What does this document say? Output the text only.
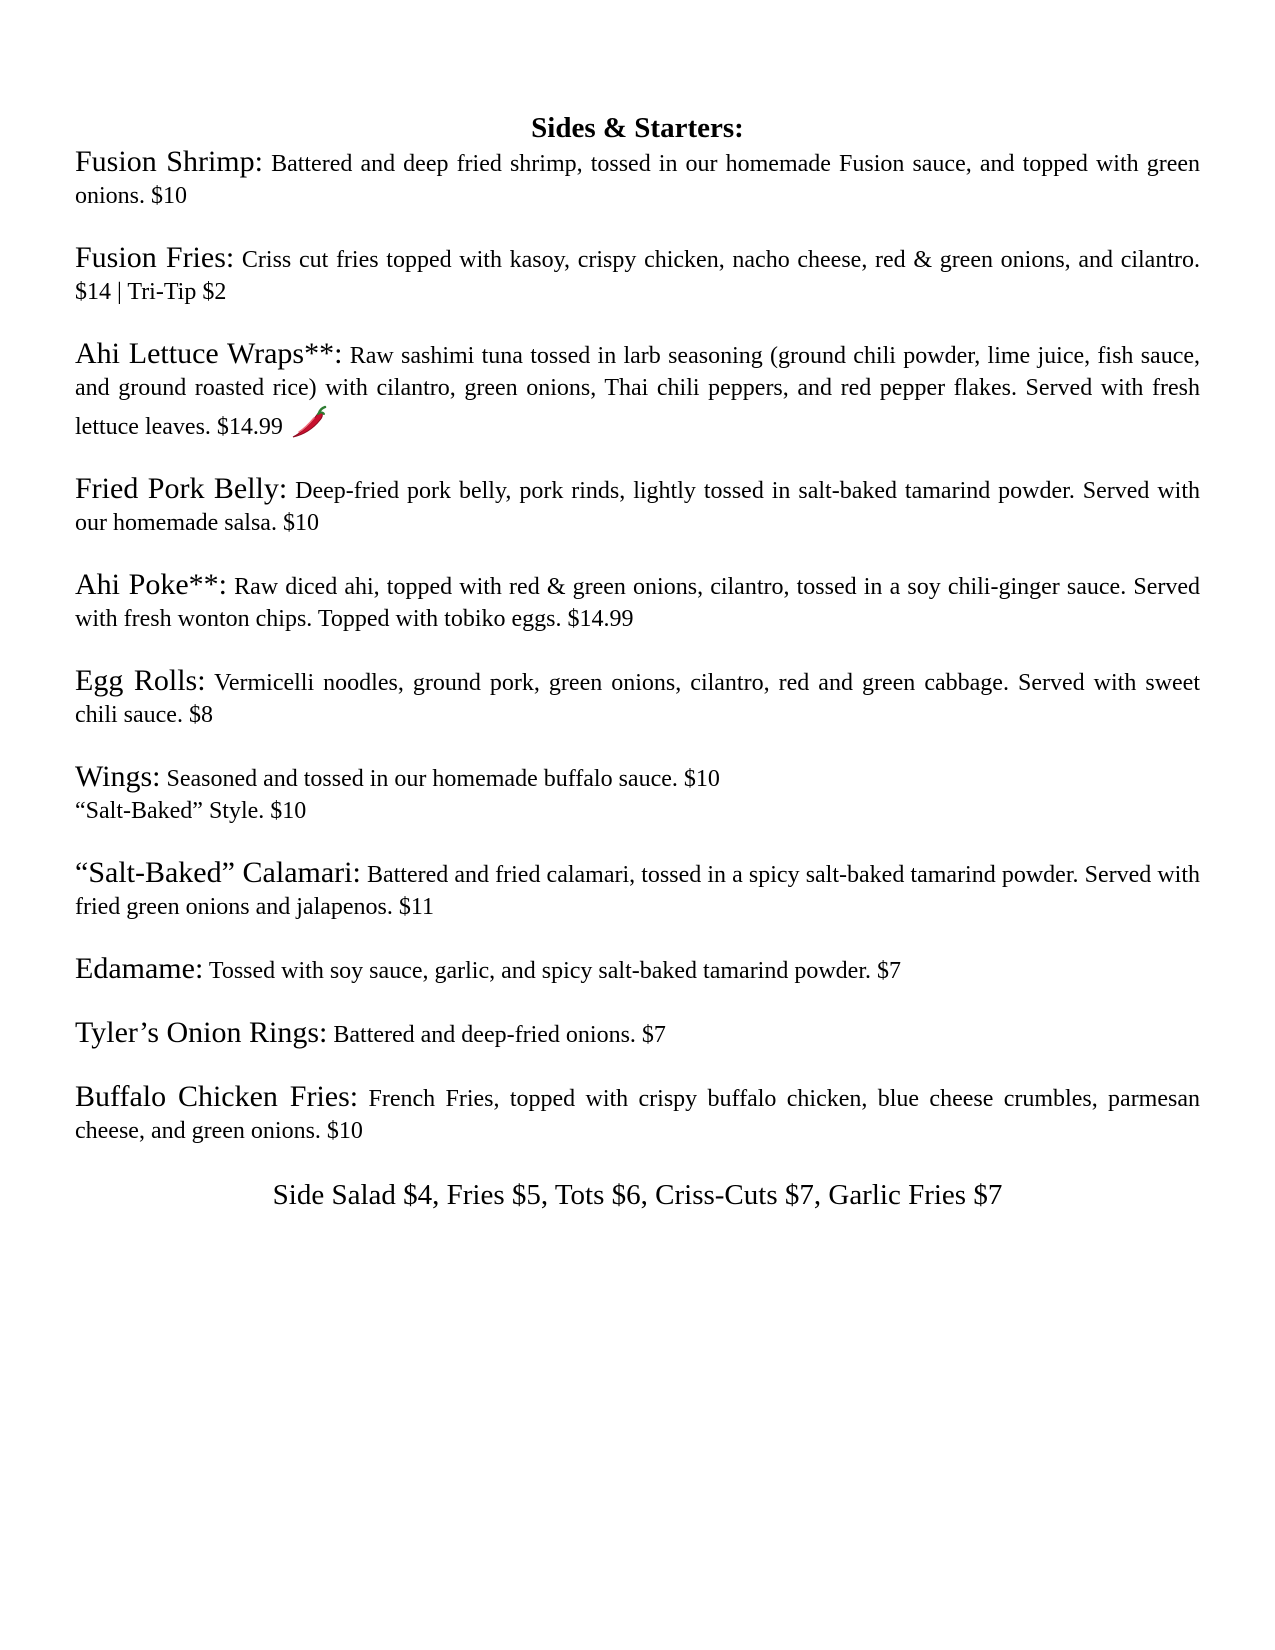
Sides & Starters:

Fusion Shrimp: Battered and deep fried shrimp, tossed in our homemade Fusion sauce, and topped with green onions. $10

Fusion Fries: Criss cut fries topped with kasoy, crispy chicken, nacho cheese, red & green onions, and cilantro. $14 | Tri-Tip $2

Ahi Lettuce Wraps**: Raw sashimi tuna tossed in larb seasoning (ground chili powder, lime juice, fish sauce, and ground roasted rice) with cilantro, green onions, Thai chili peppers, and red pepper flakes. Served with fresh lettuce leaves. $14.99

Fried Pork Belly: Deep-fried pork belly, pork rinds, lightly tossed in salt-baked tamarind powder. Served with our homemade salsa. $10

Ahi Poke**: Raw diced ahi, topped with red & green onions, cilantro, tossed in a soy chili-ginger sauce. Served with fresh wonton chips. Topped with tobiko eggs. $14.99

Egg Rolls: Vermicelli noodles, ground pork, green onions, cilantro, red and green cabbage. Served with sweet chili sauce. $8

Wings: Seasoned and tossed in our homemade buffalo sauce. $10
“Salt-Baked” Style. $10

“Salt-Baked” Calamari: Battered and fried calamari, tossed in a spicy salt-baked tamarind powder. Served with fried green onions and jalapenos. $11

Edamame: Tossed with soy sauce, garlic, and spicy salt-baked tamarind powder. $7

Tyler’s Onion Rings: Battered and deep-fried onions. $7

Buffalo Chicken Fries: French Fries, topped with crispy buffalo chicken, blue cheese crumbles, parmesan cheese, and green onions. $10

Side Salad $4, Fries $5, Tots $6, Criss-Cuts $7, Garlic Fries $7
